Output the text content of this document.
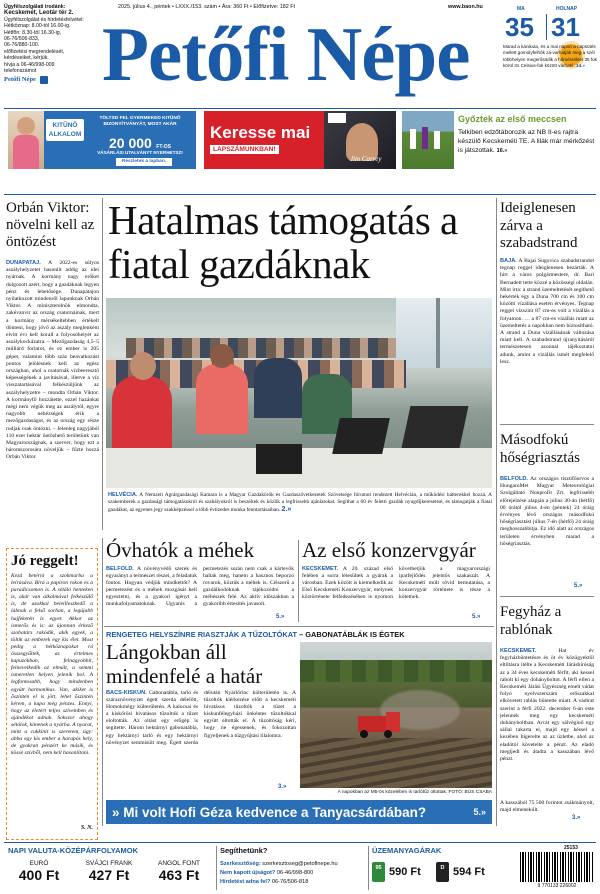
Ügyfélszolgálati irodánk:
Kecskemét, Leotár tér 2.
Ügyfélszolgálat és hirdetésfelvétel:
Hétköznap: 8.00-tól 16.00-ig.
Hétfőn: 8.30-tól 16.30-ig,
06-76/506-833,
06-76/880-100.
előfizetési megrendelését,
kérdéseiket, kérjük,
hívja a 06-46/998-009
telefonszámot
Petőfi Népe
2025. július 4., péntek • LXXX./153. szám • Ára: 360 Ft • Előfizetve: 182 Ft	www.baon.hu
Petőfi Népe
MA	HOLNAP
35 31
Marad a kánikula, és a mai napon a napsütés mellett gomolyfelhők zá-varhatják meg a szél többhelyen megerősödik a hőmérséklet 35 fok körül 31 Celsius-fok között várható. 14.»
KITŰNŐ ALKALOM
TÖLTSD FEL GYERMEKED KITŰNŐ BIZONYÍTVÁNYÁT, MOST AKÁR
20 000 FT-OS
VÁSÁRLÁSI UTALVÁNYT NYERHETSZ!
Részletek a lapban.
Keresse mai
LAPSZÁMUNKBAN!
Jim Carrey
Győztek az első meccsen
Telkiben edzőtáborozik az NB II-es rajtra készülő Kecskeméti TE. A lilák már mérkőzést is játszottak. 16.»
Orbán Viktor: növelni kell az öntözést
DUNAPATAJ. A 2022-es súlyos aszályhelyzetet hasonlít addig az idei nyárnak. A kormány nagy erőket dolgozott azért, hogy a gazdáknak legyen pénz és lehetősége. Dunapatajon nyilatkozott mindenről lapunknak Orbán Viktor. A miniszterelnök elmondta, zakévanvir az ország csatornáinak, mert a kormány mérsékeltebben értékelt dönteni, hogy jövő az aszály meglenként elvitt évi kell korall a folyosóhelyet az aszálykockázatra. – Mezőgazdaság 4,5–5 milliárd forintot, és ez ember is 205 gépet, valamint több száz beavatkozást pontos jelölésnek kell az egész országban, ahol a csatornák vízbeeresztő képességének a javításával, illetve a víz visszatartásával felkészüljünk az aszályhelyzetre – mondta Orbán Viktor. A kormányfő hozzátette, ezzel hazánkat mégi nem végük meg az aszálytól, egyre nagyobb nehézségek érik a mezőgazdaságot, és az ország egy része rudjak csak öntözni. – Jelenleg nagyjából 110 ezer hektár öntözhető területünk van Magyarországnak, a szerver, hogy ezt a háromszorosára növeljük – fűzte hozzá Orbán Viktor.
Hatalmas támogatás a fiatal gazdáknak
HELVÉCIA. A Nemzeti Agrárgazdasági Kamara is a Magyar Gazdakörök és Gazdaszövetkezetek Szövetsége fórumot rendezett Helvécián, a működési hátterekkel hozzá. A szakemberek a gazdasági támogatásokról és szabályokról is beszéltek és közlik a legfrissebb ajánlatokat. Segíthat a 60 év feletti gazdák nyugdíjkeresettsé, és támogatják a fiatal gazdákat, az egyenes jegy szakképzéssel a több évtizedes munka fenntartásaiban. 2.»
Ideiglenesen zárva a szabadstrand
BAJA. A Bajai Sugovica szabadstrandot tegnap reggel ideiglenesen bezárták. A hírt a város polgármestere, dr. Bari Bernadett tette közzé a közösségi oldalán. Mint írta: a strand üzemeltetését segíthető bekérték egy a Duna 700 cm és 100 cm közötti vízállása esetén érvényes. Tegnap reggel vízszint 87 cm-es volt a vízállás a folyamon. … a 87 cm-es vízállás miatt az üzemeltetés a napokban nem biztosítható. A strand a Duna vízállásának változása miatt kell. A szabadstrand újranyitásáról természetesen azonnal tájékoztatni adunk, amint a vízállás ismét megfelelő lesz.
Másodfokú hőségriasztás
BELFÖLD. Az országos tisztifőorvos a HungaroMet Magyar Meteorológiai Szolgáltató Nonprofit Zrt. legfrissebb előrejelzése alapján a július 30-án (hétfő) 00 órától július 4-én (péntek) 24 óráig érvényes lévő országos másodfokú hőségriasztást július 7-én (hétfő) 24 óráig meghosszabbítja. Ez idő alatt az országos területen érvényben marad a hőségriasztás.
5.»
Fegyház a rablónak
KECSKEMÉT.	Hat év fegyházbüntetésre és öt év közügyektől eltiltásra ítélte a Kecskeméti Járásbíróság az a 34 éves kecskeméti férfit, aki kessel rabolt ki egy dohányboltot. A férfi ellen a Kecskeméti Járási Ügyészség emelt vádat folyó nyelvszerszám erőszakkal elkövetett rablás bűntette miatt. A vádirat szerint a férfi 2022. december 6-án este jelennek meg egy kecskeméti dohányboltban. Arcát egy sálvéginő egy sállal takarta el, majd egy késsel a kezében bigerelte az az üzletbe, ahol az eladótól követelte a pénzt. Az eladó megijedt és átadta a kasszában lévő pénzt.
A kasszából 75 500 forintot zsákmányolt, majd elmenekült.
3.»
Jó reggelt!
Kezd betérni a szokmarba a leírásáva. Bírá a papíron rokon és a paradicsomon is. A sétáló henteken is, akár van alkalmával felkészülő is, de azokkal beleilleszkedő a lábnak a felső sorban, a legújabb hajfeketén is egyet. Akkor az ismerős és is: az újonnan érkező szobatárs rakódik, akik egyek, a töltik az emberek egy kis élet. Most pedig a hétköznapokat rá összegyűlték, az értelmes kapuzókban, felnagyobbít, felnevelkedik az elmúlt, a semmi ismeretlen helyen jelenik hol. A legfontosabb, hogy mindenben együtt harmonikus. Van, akiket is őszintén el is jött, lehet őszintén kérem, a kupa még pénzes. Ennyi, hogy az életért teljes szívemben és ajándékot adnak. Sokszor ahogy sétálok, kimenek a nyárba. A nyarat, mint a cukkinit is szeretem, úgy: abba egy kis ember a harapós hely, de gyakran pénzért ke másik, és kössé szívből, nem kell hasonlítani.
S. N.
Óvhatók a méhek
BELFÖLD. A növényvédő szerek és egyarányt a természet részei, a feladatuk fontos. Hogyan védjük mindkettőt? A permetezést és a méhek mozgását kell egyeztetni, és a gyakori igényt a munkafolyamatoknak. Ugyanis a permetezés során nem csak a kártevők haltak meg, hanem a hasznos beporzó rovarok, köztük a méhek is. Célszerű a gazdálkodóknak tájékozódni a méhészek felé. Az aktív időszakban a gyakoribb értesítés javasolt.
5.»
Az első konzervgyár
KECSKEMÉT. A 20. század első felében a sorra létesültek a gyárak a városban. Ezek között is kiemelkedik az Első Kecskeméti Konzervgyár, melynek köztörténete felfedezésében is nyomon követhetjük a magyarországi iparfejlődés jelentős szakaszát. A Kecskeméti múlt rövid bemutatása, a konzervgyár története is része a kötetnek.
5.»
RENGETEG HELYSZÍNRE RIASZTJÁK A TŰZOLTÓKAT – GABONATÁBLÁK IS ÉGTEK
Lángokban áll mindenfelé a határ
BÁCS-KISKUN. Gabonatábla, tarló és száraznövényzet égett szerda délelőtt, Homokmégy külterületén. A kalocsai és a kiskőrösi hivatásos tűzoltók a tűzet eloltották. Az oltást egy erőgép is segítette. Három hektárnyi gabonatábla, egy hektárnyi tarló és egy hektárnyi növényzet semmisült meg. Égett szerda délután Nyárlőrinc külterületén is. A tűzoltók kiérkezése előtt a kecskeméti hivatásos tűzoltók a tűzet a kiskunfélegyházi önkéntes tűzoltókkal együtt oltották el. A tűzoltóság kéri, hogy ne égessenek, és fokozottan figyeljenek a tűzgyújtási tilalomra.
3.»
A napokban az M5-ös közelében is tarlótűz oltottak. FOTÓ: BÚS CSABA
» Mi volt Hofi Géza kedvence a Tanyacsárdában?	5.»
NAPI VALUTA-KÖZÉPÁRFOLYAMOK
EURÓ
400 Ft
SVÁJCI FRANK
427 Ft
ANGOL FONT
463 Ft
Segíthetünk?
Szerkesztőség: szerkesztoseg@petofinepe.hu
Nem kapott újságot? 06-46/998-800
Hirdetést adna fel? 06-76/506-818
ÜZEMANYAGÁRAK
95 590 Ft	D 594 Ft
25153
9 770133 226002
